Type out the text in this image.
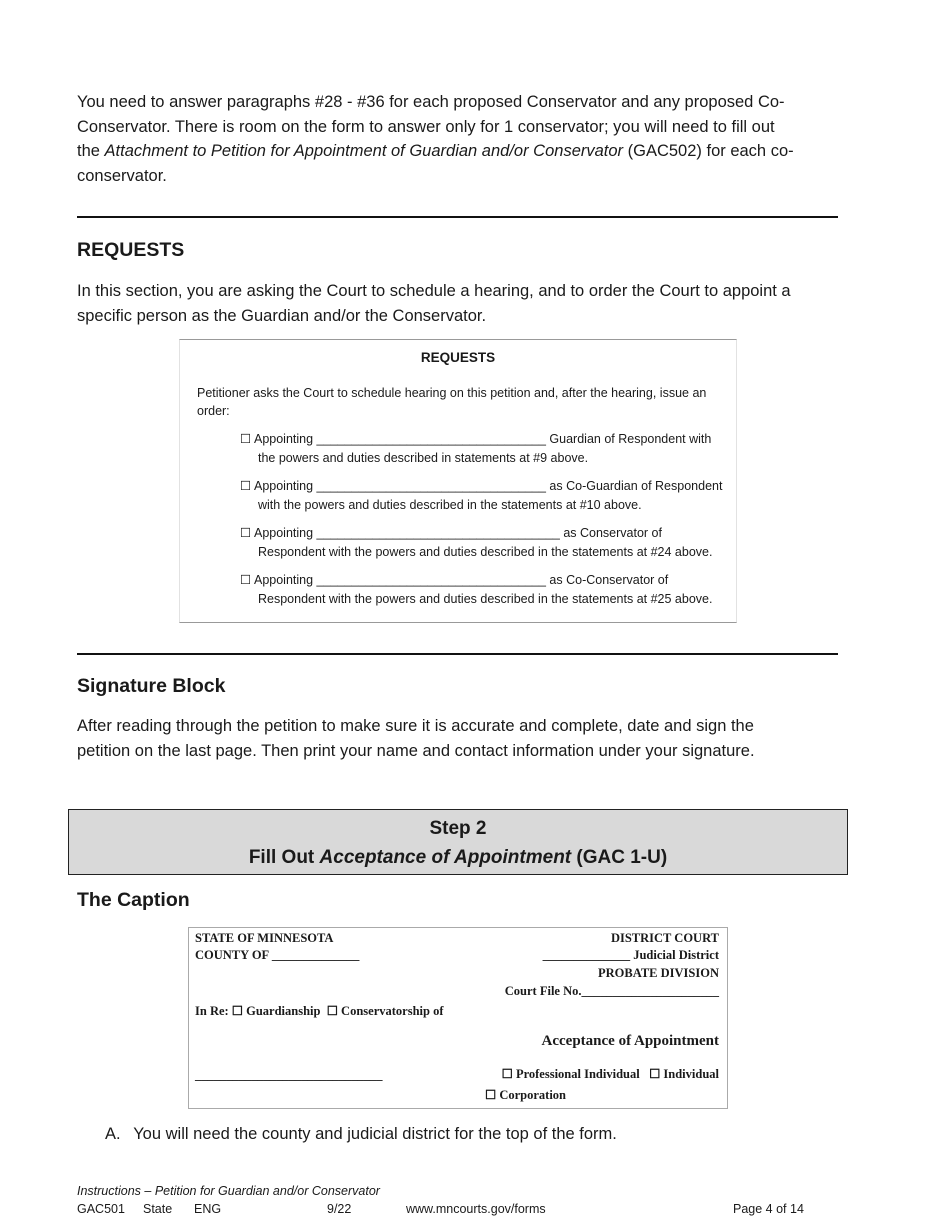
You need to answer paragraphs #28 - #36 for each proposed Conservator and any proposed Co-
Conservator. There is room on the form to answer only for 1 conservator; you will need to fill out
the Attachment to Petition for Appointment of Guardian and/or Conservator (GAC502) for each co-
conservator.
REQUESTS
In this section, you are asking the Court to schedule a hearing, and to order the Court to appoint a
specific person as the Guardian and/or the Conservator.
REQUESTS
Petitioner asks the Court to schedule hearing on this petition and, after the hearing, issue an
order:
☐ Appointing _________________________________ Guardian of Respondent with
the powers and duties described in statements at #9 above.
☐ Appointing _________________________________ as Co-Guardian of Respondent
with the powers and duties described in the statements at #10 above.
☐ Appointing ___________________________________ as Conservator of
Respondent with the powers and duties described in the statements at #24 above.
☐ Appointing _________________________________ as Co-Conservator of
Respondent with the powers and duties described in the statements at #25 above.
Signature Block
After reading through the petition to make sure it is accurate and complete, date and sign the
petition on the last page. Then print your name and contact information under your signature.
Step 2
Fill Out Acceptance of Appointment (GAC 1-U)
The Caption
STATE OF MINNESOTA
COUNTY OF ______________
DISTRICT COURT
______________ Judicial District
PROBATE DIVISION
Court File No.______________________
In Re: ☐ Guardianship  ☐ Conservatorship of
Acceptance of Appointment
______________________________	☐ Professional Individual   ☐ Individual
☐ Corporation
A. You will need the county and judicial district for the top of the form.
Instructions – Petition for Guardian and/or Conservator
GAC501 State ENG	9/22	www.mncourts.gov/forms	Page 4 of 14
